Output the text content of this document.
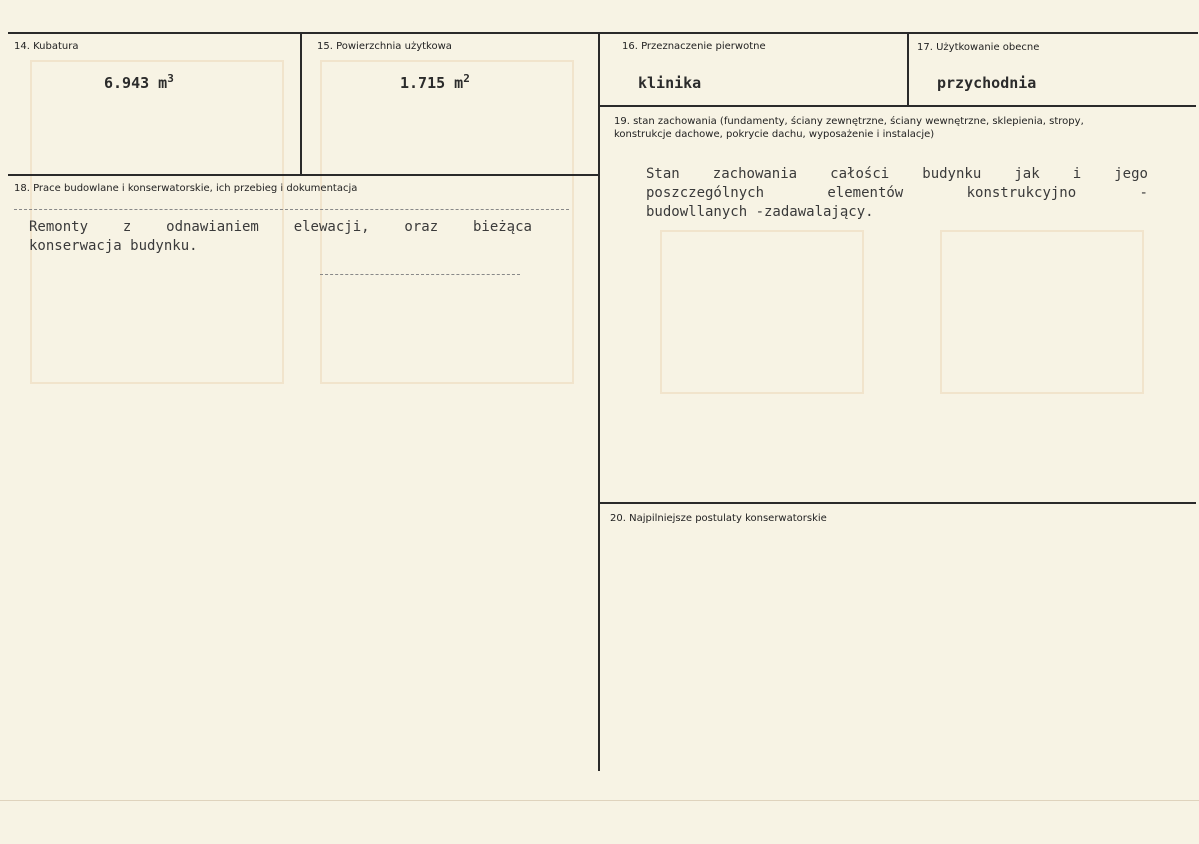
14. Kubatura
6.943 $m^3$
15. Powierzchnia użytkowa
1.715 $m^2$
16. Przeznaczenie pierwotne
klinika
17. Użytkowanie obecne
przychodnia
18. Prace budowlane i konserwatorskie, ich przebieg i dokumentacja
Remonty z odnawianiem elewacji, oraz bieżąca
konserwacja budynku.
19. stan zachowania (fundamenty, ściany zewnętrzne, ściany wewnętrzne, sklepienia, stropy, konstrukcje dachowe, pokrycie dachu, wyposażenie i instalacje)
Stan zachowania całości budynku jak i jego
poszczególnych	elementów	konstrukcyjno	-
budowllanych -zadawalający.
20. Najpilniejsze postulaty konserwatorskie
